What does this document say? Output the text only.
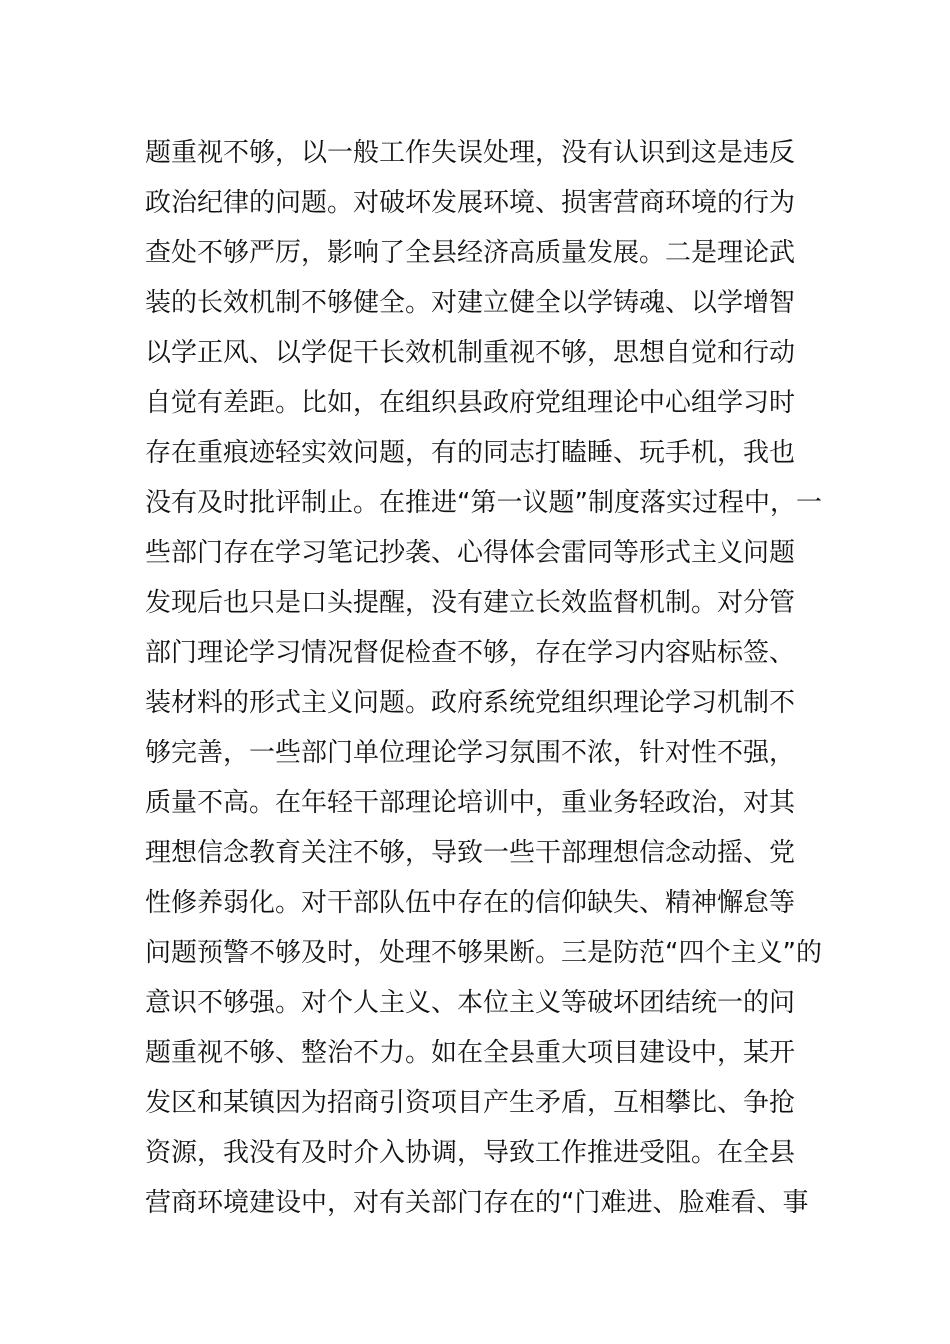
题重视不够，以一般工作失误处理，没有认识到这是违反
政治纪律的问题。对破坏发展环境、损害营商环境的行为
查处不够严厉，影响了全县经济高质量发展。二是理论武
装的长效机制不够健全。对建立健全以学铸魂、以学增智
以学正风、以学促干长效机制重视不够，思想自觉和行动
自觉有差距。比如，在组织县政府党组理论中心组学习时
存在重痕迹轻实效问题，有的同志打瞌睡、玩手机，我也
没有及时批评制止。在推进“第一议题”制度落实过程中，一
些部门存在学习笔记抄袭、心得体会雷同等形式主义问题
发现后也只是口头提醒，没有建立长效监督机制。对分管
部门理论学习情况督促检查不够，存在学习内容贴标签、
装材料的形式主义问题。政府系统党组织理论学习机制不
够完善，一些部门单位理论学习氛围不浓，针对性不强，
质量不高。在年轻干部理论培训中，重业务轻政治，对其
理想信念教育关注不够，导致一些干部理想信念动摇、党
性修养弱化。对干部队伍中存在的信仰缺失、精神懈怠等
问题预警不够及时，处理不够果断。三是防范“四个主义”的
意识不够强。对个人主义、本位主义等破坏团结统一的问
题重视不够、整治不力。如在全县重大项目建设中，某开
发区和某镇因为招商引资项目产生矛盾，互相攀比、争抢
资源，我没有及时介入协调，导致工作推进受阻。在全县
营商环境建设中，对有关部门存在的“门难进、脸难看、事
